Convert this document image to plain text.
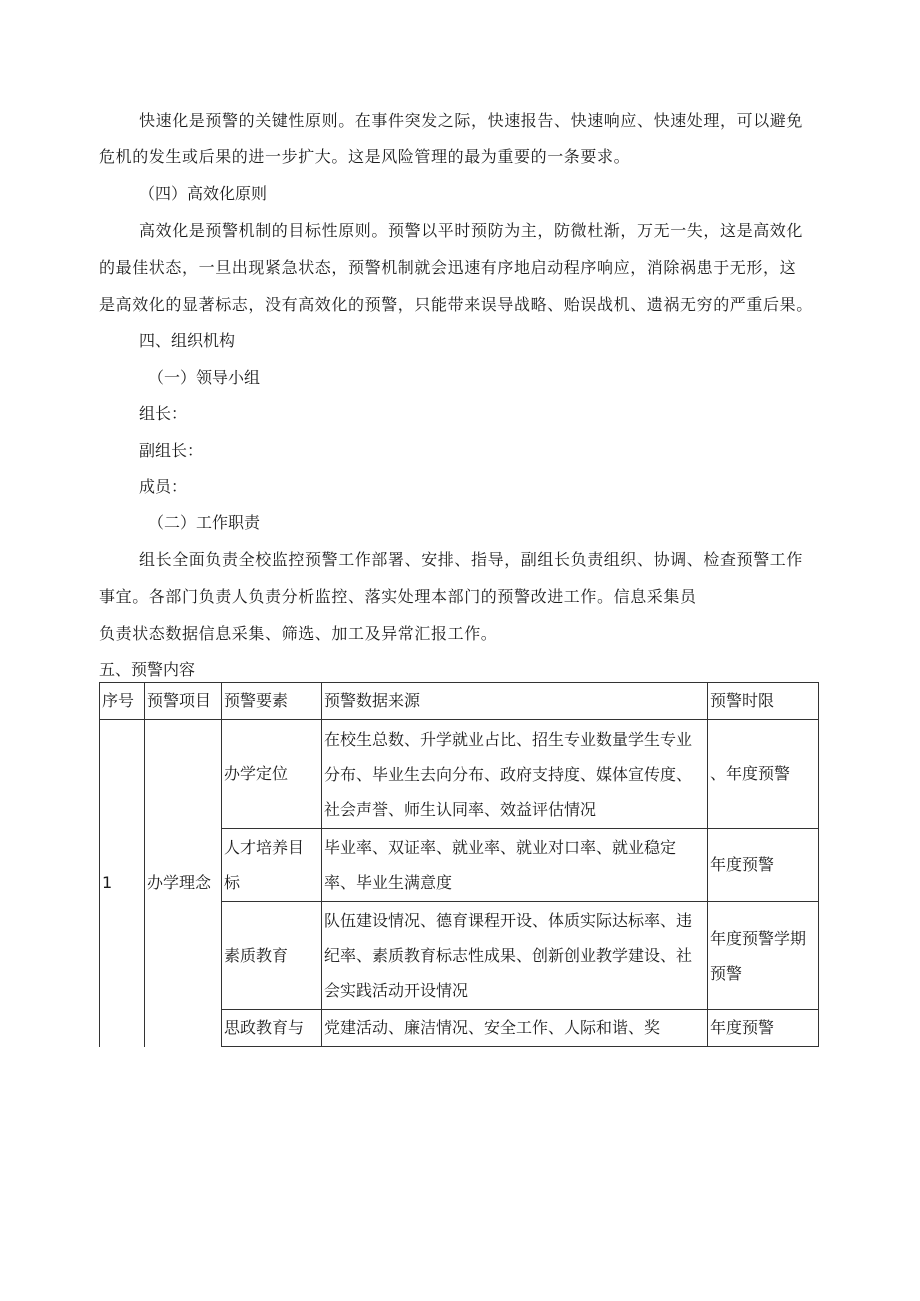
快速化是预警的关键性原则。在事件突发之际，快速报告、快速响应、快速处理，可以避免
危机的发生或后果的进一步扩大。这是风险管理的最为重要的一条要求。
（四）高效化原则
高效化是预警机制的目标性原则。预警以平时预防为主，防微杜渐，万无一失，这是高效化
的最佳状态，一旦出现紧急状态，预警机制就会迅速有序地启动程序响应，消除祸患于无形，这
是高效化的显著标志，没有高效化的预警，只能带来误导战略、贻误战机、遗祸无穷的严重后果。
四、组织机构
（一）领导小组
组长：
副组长：
成员：
（二）工作职责
组长全面负责全校监控预警工作部署、安排、指导，副组长负责组织、协调、检查预警工作
事宜。各部门负责人负责分析监控、落实处理本部门的预警改进工作。信息采集员
负责状态数据信息采集、筛选、加工及异常汇报工作。
五、预警内容
序号	预警项目	预警要素	预警数据来源	预警时限
1	办学理念	办学定位	在校生总数、升学就业占比、招生专业数量学生专业分布、毕业生去向分布、政府支持度、媒体宣传度、社会声誉、师生认同率、效益评估情况	、年度预警
		人才培养目标	毕业率、双证率、就业率、就业对口率、就业稳定率、毕业生满意度	年度预警
		素质教育	队伍建设情况、德育课程开设、体质实际达标率、违纪率、素质教育标志性成果、创新创业教学建设、社会实践活动开设情况	年度预警学期预警
		思政教育与	党建活动、廉洁情况、安全工作、人际和谐、奖	年度预警
